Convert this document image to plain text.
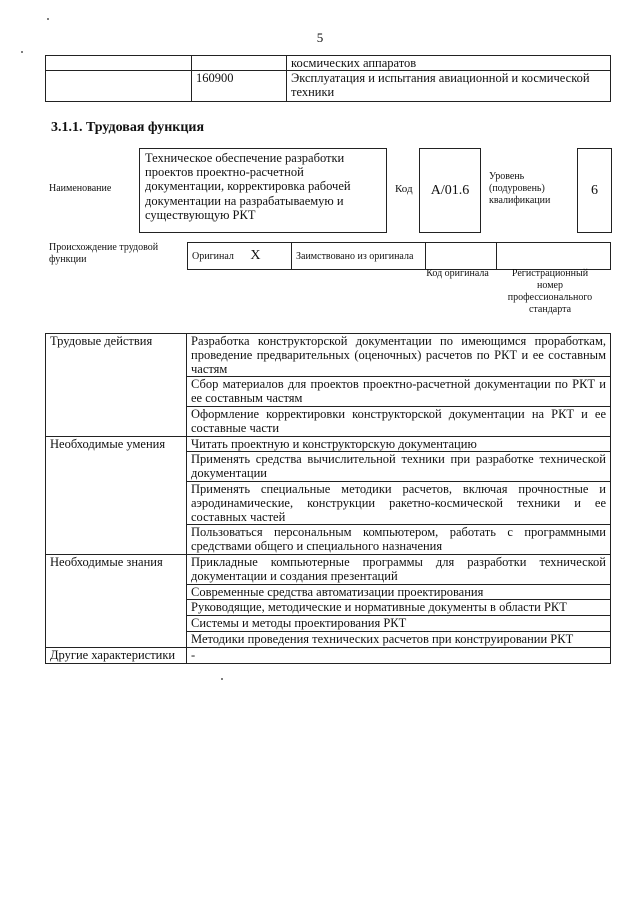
5
		космических аппаратов
	160900	Эксплуатация и испытания авиационной и космической техники
3.1.1. Трудовая функция
Наименование
Техническое обеспечение разработки проектов проектно-расчетной документации, корректировка рабочей документации на разрабатываемую и существующую РКТ
Код	A/01.6
Уровень (подуровень) квалификации
6
Происхождение трудовой функции	Оригинал X	Заимствовано из оригинала		
Код оригинала	Регистрационный номер профессионального стандарта
Трудовые действия	Разработка конструкторской документации по имеющимся проработкам, проведение предварительных (оценочных) расчетов по РКТ и ее составным частям

	Сбор материалов для проектов проектно-расчетной документации по РКТ и ее составным частям

	Оформление корректировки конструкторской документации на РКТ и ее составные части

Необходимые умения	Читать проектную и конструкторскую документацию

	Применять средства вычислительной техники при разработке технической документации

	Применять специальные методики расчетов, включая прочностные и аэродинамические, конструкции ракетно-космической техники и ее составных частей

	Пользоваться персональным компьютером, работать с программными средствами общего и специального назначения

Необходимые знания	Прикладные компьютерные программы для разработки технической документации и создания презентаций

	Современные средства автоматизации проектирования

	Руководящие, методические и нормативные документы в области РКТ

	Системы и методы проектирования РКТ

	Методики проведения технических расчетов при конструировании РКТ

Другие характеристики	-
